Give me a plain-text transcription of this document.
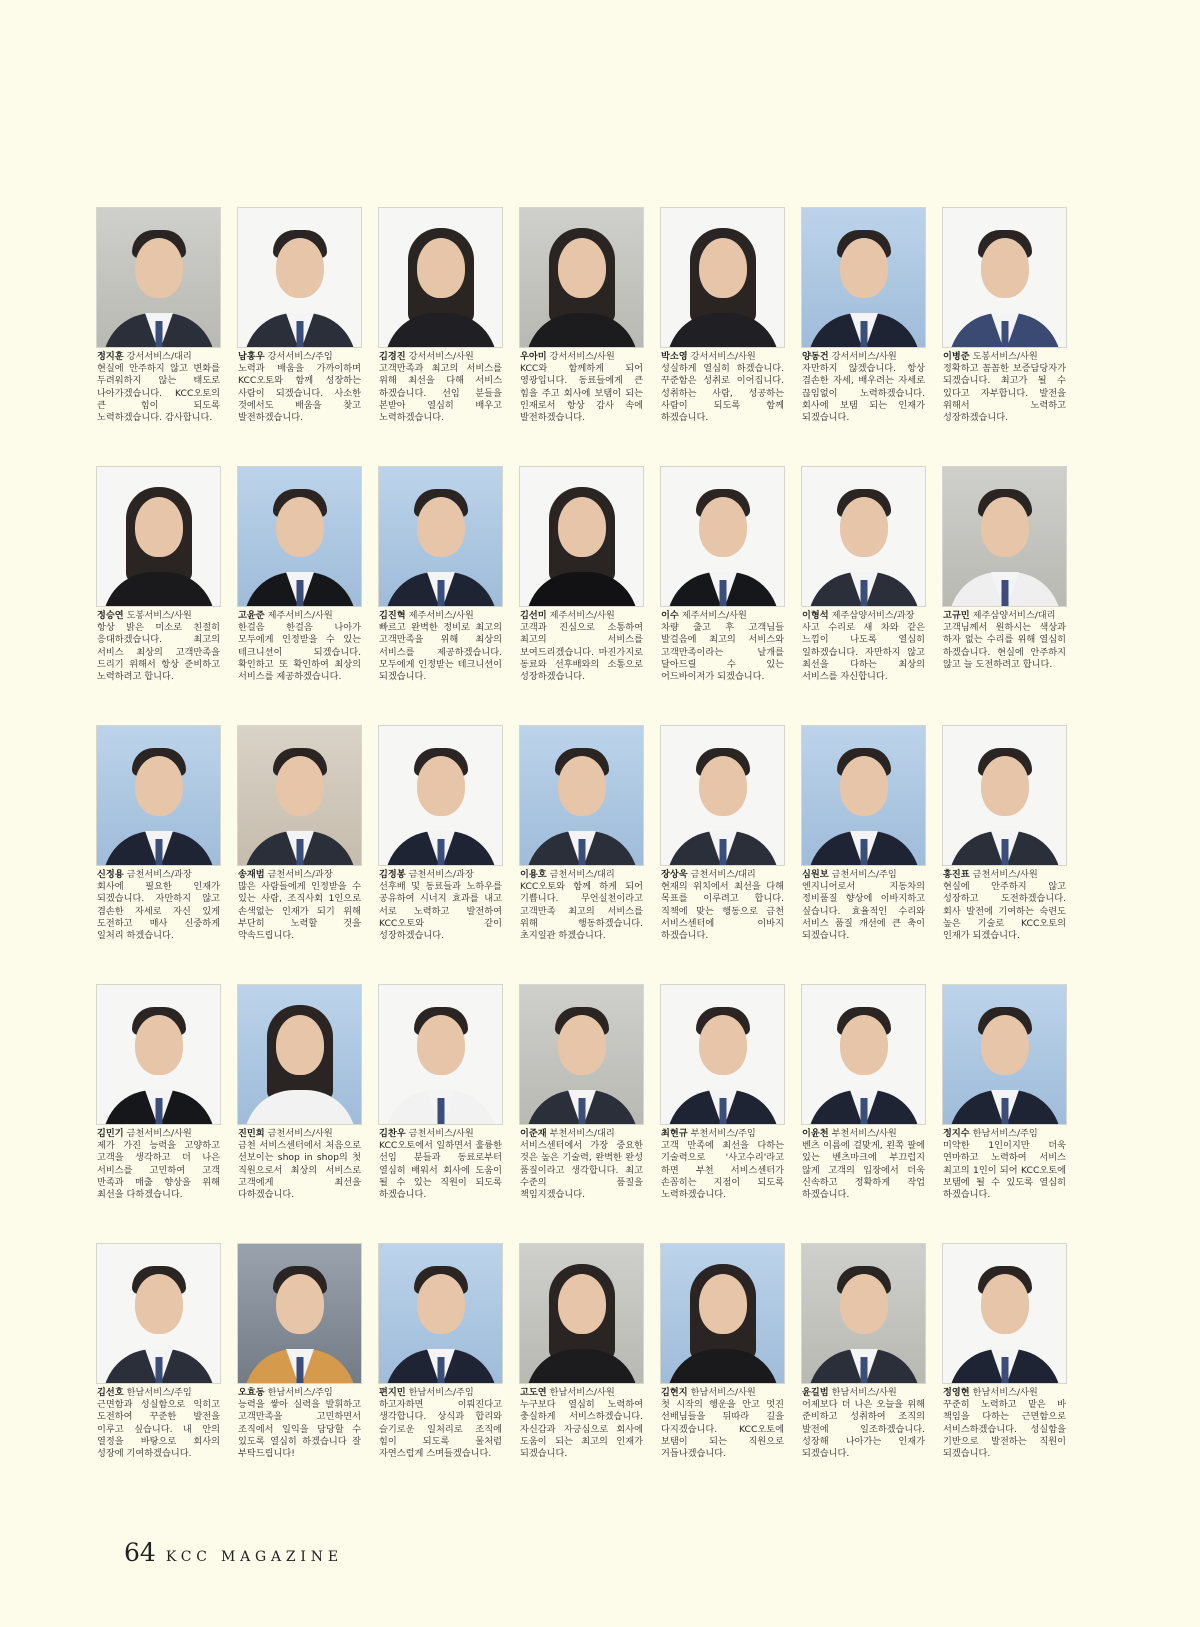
정지훈 강서서비스/대리
현실에 안주하지 않고 변화를 두려워하지 않는 태도로 나아가겠습니다. KCC오토의 큰 힘이 되도록 노력하겠습니다. 감사합니다.
남홍우 강서서비스/주임
노력과 배움을 가까이하며 KCC오토와 함께 성장하는 사람이 되겠습니다. 사소한 것에서도 배움을 찾고 발전하겠습니다.
김경진 강서서비스/사원
고객만족과 최고의 서비스를 위해 최선을 다해 서비스 하겠습니다. 선임 분들을 본받아 열심히 배우고 노력하겠습니다.
우아미 강서서비스/사원
KCC와 함께하게 되어 영광입니다. 동료들에게 큰 힘을 주고 회사에 보탬이 되는 인재로서 항상 감사 속에 발전하겠습니다.
박소영 강서서비스/사원
성실하게 열심히 하겠습니다. 꾸준함은 성취로 이어집니다. 성취하는 사람, 성공하는 사람이 되도록 함께 하겠습니다.
양동건 강서서비스/사원
자만하지 않겠습니다. 항상 겸손한 자세, 배우려는 자세로 끊임없이 노력하겠습니다. 회사에 보탬 되는 인재가 되겠습니다.
이병준 도봉서비스/사원
정확하고 꼼꼼한 보증담당자가 되겠습니다. 최고가 될 수 있다고 자부합니다. 발전을 위해서 노력하고 성장하겠습니다.
정승연 도봉서비스/사원
항상 밝은 미소로 친절히 응대하겠습니다. 최고의 서비스 최상의 고객만족을 드리기 위해서 항상 준비하고 노력하려고 합니다.
고윤준 제주서비스/사원
한걸음 한걸음 나아가 모두에게 인정받을 수 있는 테크니션이 되겠습니다. 확인하고 또 확인하여 최상의 서비스를 제공하겠습니다.
김진혁 제주서비스/사원
빠르고 완벽한 정비로 최고의 고객만족을 위해 최상의 서비스를 제공하겠습니다. 모두에게 인정받는 테크니션이 되겠습니다.
김선미 제주서비스/사원
고객과 진심으로 소통하여 최고의 서비스를 보여드리겠습니다. 마진가지로 동료와 선후배와의 소통으로 성장하겠습니다.
이수 제주서비스/사원
차량 출고 후 고객님들 발걸음에 최고의 서비스와 고객만족이라는 날개를 달아드릴 수 있는 어드바이저가 되겠습니다.
이형석 제주삼양서비스/과장
사고 수리로 새 차와 같은 느낌이 나도록 열심히 일하겠습니다. 자만하지 않고 최선을 다하는 최상의 서비스를 자신합니다.
고규민 제주삼양서비스/대리
고객님께서 원하시는 색상과 하자 없는 수리를 위해 열심히 하겠습니다. 현실에 안주하지 않고 늘 도전하려고 합니다.
신정용 금천서비스/과장
회사에 필요한 인재가 되겠습니다. 자만하지 않고 겸손한 자세로 자신 있게 도전하고 매사 신중하게 일처리 하겠습니다.
송재범 금천서비스/과장
많은 사람들에게 인정받을 수 있는 사람, 조직사회 1인으로 손색없는 인재가 되기 위해 부단히 노력할 것을 약속드립니다.
김정봉 금천서비스/과장
선후배 및 동료들과 노하우를 공유하여 시너지 효과를 내고 서로 노력하고 발전하여 KCC오토와 같이 성장하겠습니다.
이용호 금천서비스/대리
KCC오토와 함께 하게 되어 기쁩니다. 무언실천이라고 고객만족 최고의 서비스를 위해 행동하겠습니다. 초지일관 하겠습니다.
장상욱 금천서비스/대리
현재의 위치에서 최선을 다해 목표를 이루려고 합니다. 직책에 맞는 행동으로 금천 서비스센터에 이바지 하겠습니다.
심원보 금천서비스/주임
엔지니어로서 지동차의 정비품질 향상에 이바지하고 싶습니다. 효율적인 수리와 서비스 품질 개선에 큰 축이 되겠습니다.
홍진표 금천서비스/사원
현실에 안주하지 않고 성장하고 도전하겠습니다. 회사 발전에 기여하는 숙련도 높은 기술로 KCC오토의 인재가 되겠습니다.
김민기 금천서비스/사원
제가 가진 능력을 고양하고 고객을 생각하고 더 나은 서비스를 고민하여 고객 만족과 매출 향상을 위해 최선을 다하겠습니다.
진민희 금천서비스/사원
금천 서비스센터에서 처음으로 선보이는 shop in shop의 첫 직원으로서 최상의 서비스로 고객에게 최선을 다하겠습니다.
김찬우 금천서비스/사원
KCC오토에서 일하면서 훌륭한 선임 분들과 동료로부터 열심히 배워서 회사에 도움이 될 수 있는 직원이 되도록 하겠습니다.
이준재 부천서비스/대리
서비스센터에서 가장 중요한 것은 높은 기술력, 완벽한 완성 품질이라고 생각합니다. 최고 수준의 품질을 책임지겠습니다.
최현규 부천서비스/주임
고객 만족에 최선을 다하는 기술력으로 '사고수리'라고 하면 부천 서비스센터가 손꼽히는 지점이 되도록 노력하겠습니다.
이윤천 부천서비스/사원
벤츠 이름에 걸맞게, 왼쪽 팔에 있는 벤츠마크에 부끄럽지 않게 고객의 입장에서 더욱 신속하고 정확하게 작업 하겠습니다.
정지수 한남서비스/주임
미약한 1인이지만 더욱 연마하고 노력하여 서비스 최고의 1인이 되어 KCC오토에 보탬에 될 수 있도록 열심히 하겠습니다.
김선호 한남서비스/주임
근면함과 성실함으로 익히고 도전하여 꾸준한 발전을 이루고 싶습니다. 내 안의 열정을 바탕으로 회사의 성장에 기여하겠습니다.
오효동 한남서비스/주임
능력을 쌓아 실력을 발휘하고 고객만족을 고민하면서 조직에서 일익을 담당할 수 있도록 열심히 하겠습니다 잘 부탁드립니다!
편지민 한남서비스/주임
하고자하면 이뤄진다고 생각합니다. 상식과 합리와 슬기로운 일처리로 조직에 힘이 되도록 물처럼 자연스럽게 스며들겠습니다.
고도연 한남서비스/사원
누구보다 열심히 노력하여 충실하게 서비스하겠습니다. 자신감과 자긍심으로 회사에 도움이 되는 최고의 인재가 되겠습니다.
김현지 한남서비스/사원
첫 시작의 행운을 안고 멋진 선배님들을 뒤따라 길을 다지겠습니다. KCC오토에 보탬이 되는 직원으로 거듭나겠습니다.
윤길범 한남서비스/사원
어제보다 더 나은 오늘을 위해 준비하고 성취하여 조직의 발전에 일조하겠습니다. 성장해 나아가는 인재가 되겠습니다.
정영현 한남서비스/사원
꾸준히 노력하고 맡은 바 책임을 다하는 근면함으로 서비스하겠습니다. 성실함을 기반으로 발전하는 직원이 되겠습니다.
64 KCC MAGAZINE
